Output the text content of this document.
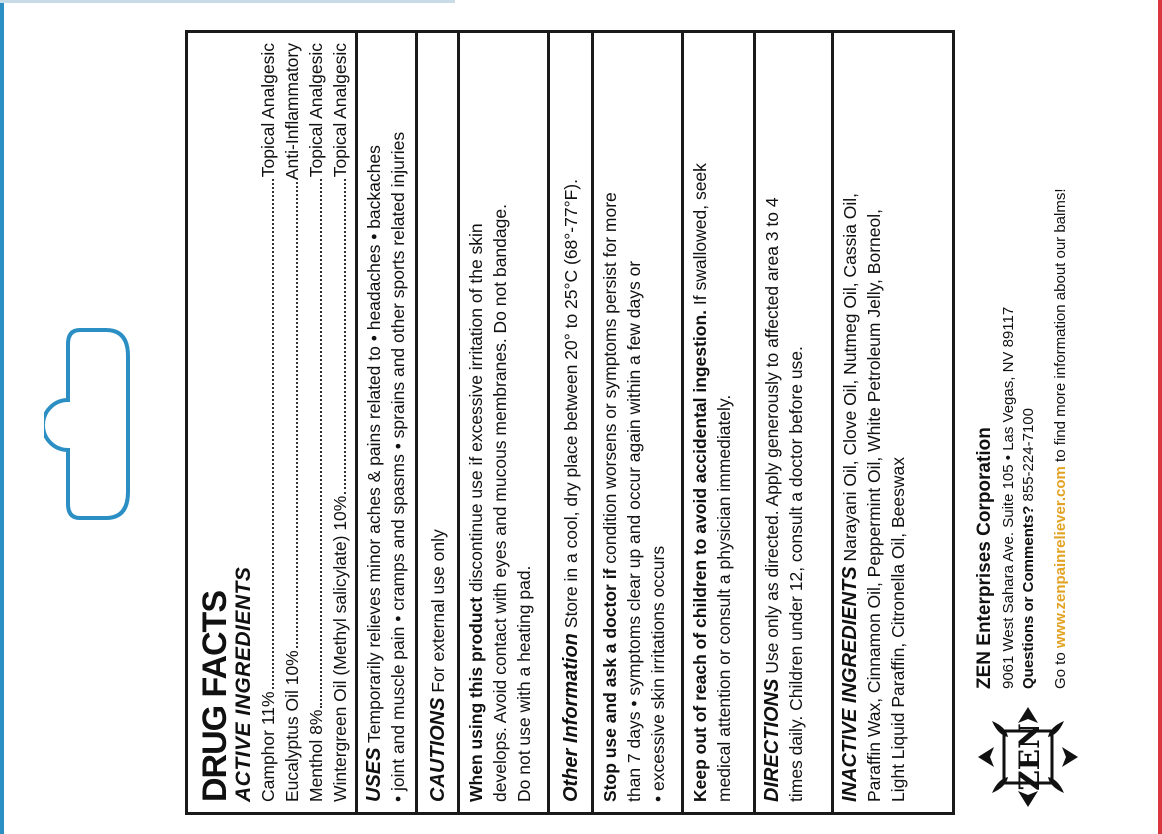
DRUG FACTS
ACTIVE INGREDIENTS Camphor 11%
Topical Analgesic
Eucalyptus Oil 10%
Anti-Inflammatory
Menthol 8%
Topical Analgesic
Wintergreen Oil (Methyl salicylate) 10%
Topical Analgesic
USES Temporarily relieves minor aches & pains related to • headaches • backaches • joint and muscle pain • cramps and spasms • sprains and other sports related injuries CAUTIONS

For external use only When using this product discontinue use if excessive irritation of the skin develops. Avoid contact with eyes and mucous membranes. Do not bandage. Do not use with a heating pad. Other Information

Store in a cool, dry place between 20° to 25°C (68°-77°F).
Stop use and ask a doctor if condition worsens or symptoms persist for more than 7 days • symptoms clear up and occur again within a few days or • excessive skin irritations occurs Keep out of reach of children to avoid accidental ingestion. If swallowed, seek
medical attention or consult a physician immediately. DIRECTIONS Use only as directed. Apply generously to affected area 3 to 4 times daily. Children under 12, consult a doctor before use. INACTIVE INGREDIENTS Narayani Oil, Clove Oil, Nutmeg Oil, Cassia Oil, Paraffin Wax, Cinnamon Oil, Peppermint Oil, White Petroleum Jelly, Borneol, Light Liquid Paraffin, Citronella Oil, Beeswax	ZEN
ZEN Enterprises Corporation 9061 West Sahara Ave. Suite 105 • Las Vegas, NV 89117 Questions or Comments? 855-224-7100
Go to www.zenpainreliever.com to find more information about our balms!
